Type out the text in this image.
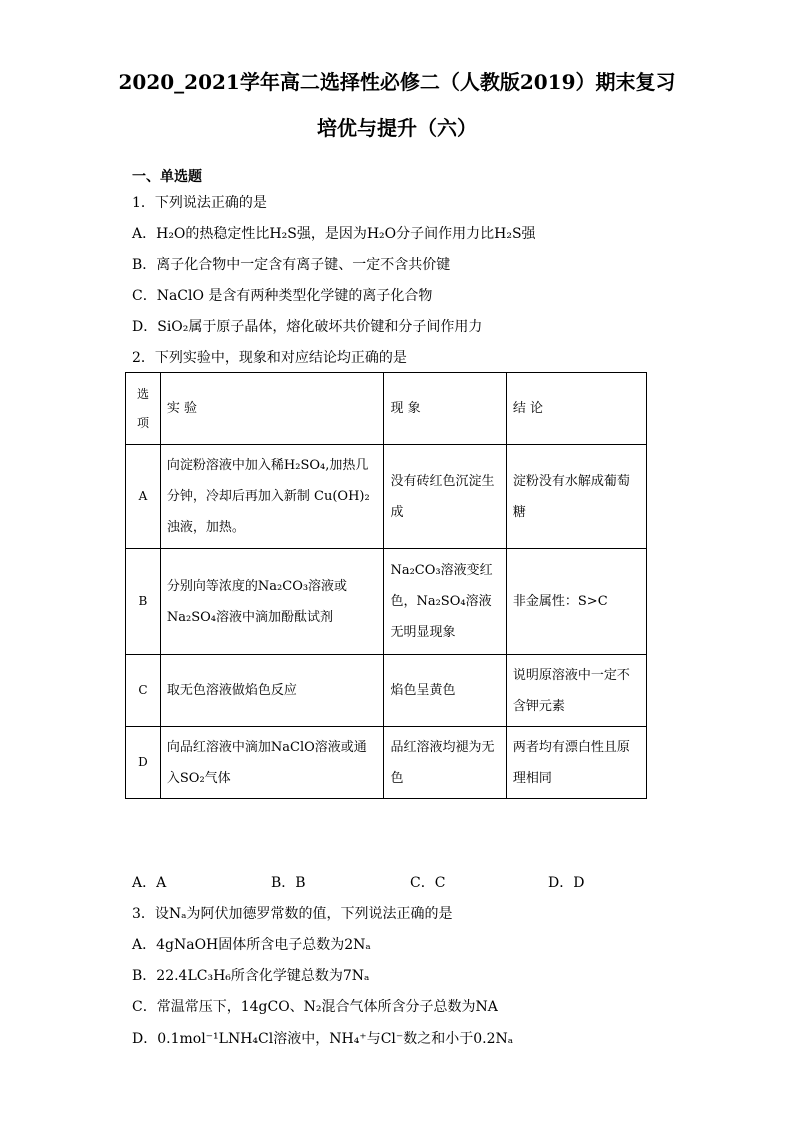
2020_2021学年高二选择性必修二（人教版2019）期末复习
培优与提升（六）
一、单选题
1．下列说法正确的是
A．H₂O的热稳定性比H₂S强，是因为H₂O分子间作用力比H₂S强
B．离子化合物中一定含有离子键、一定不含共价键
C．NaClO 是含有两种类型化学键的离子化合物
D．SiO₂属于原子晶体，熔化破坏共价键和分子间作用力
2．下列实验中，现象和对应结论均正确的是
选项	实 验	现 象	结 论
A	向淀粉溶液中加入稀H₂SO₄,加热几分钟，冷却后再加入新制 Cu(OH)₂浊液，加热。	没有砖红色沉淀生成	淀粉没有水解成葡萄糖
B	分别向等浓度的Na₂CO₃溶液或Na₂SO₄溶液中滴加酚酞试剂	Na₂CO₃溶液变红色，Na₂SO₄溶液无明显现象	非金属性：S>C
C	取无色溶液做焰色反应	焰色呈黄色	说明原溶液中一定不含钾元素
D	向品红溶液中滴加NaClO溶液或通入SO₂气体	品红溶液均褪为无色	两者均有漂白性且原理相同
A．A	B．B	C．C	D．D
3．设Nₐ为阿伏加德罗常数的值，下列说法正确的是
A．4gNaOH固体所含电子总数为2Nₐ
B．22.4LC₃H₆所含化学键总数为7Nₐ
C．常温常压下，14gCO、N₂混合气体所含分子总数为NA
D．0.1mol⁻¹LNH₄Cl溶液中，NH₄⁺与Cl⁻数之和小于0.2Nₐ
